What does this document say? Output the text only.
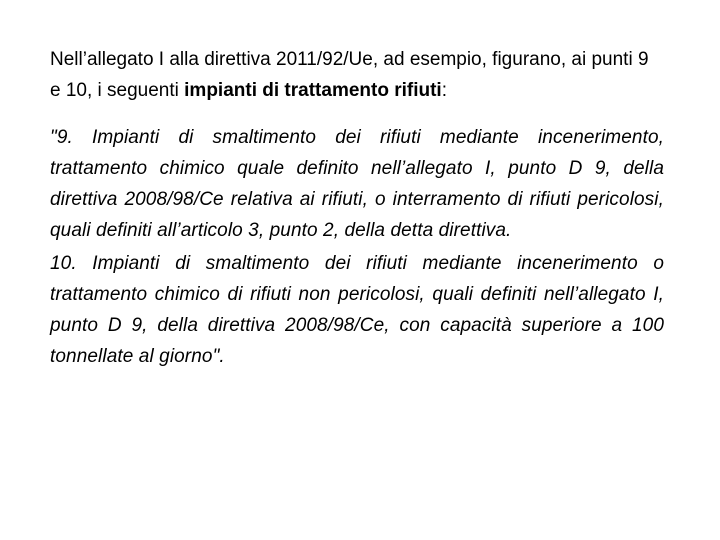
Nell’allegato I alla direttiva 2011/92/Ue, ad esempio, figurano, ai punti 9 e 10, i seguenti impianti di trattamento rifiuti:

"9. Impianti di smaltimento dei rifiuti mediante incenerimento, trattamento chimico quale definito nell’allegato I, punto D 9, della direttiva 2008/98/Ce relativa ai rifiuti, o interramento di rifiuti pericolosi, quali definiti all’articolo 3, punto 2, della detta direttiva.

10. Impianti di smaltimento dei rifiuti mediante incenerimento o trattamento chimico di rifiuti non pericolosi, quali definiti nell’allegato I, punto D 9, della direttiva 2008/98/Ce, con capacità superiore a 100 tonnellate al giorno".
